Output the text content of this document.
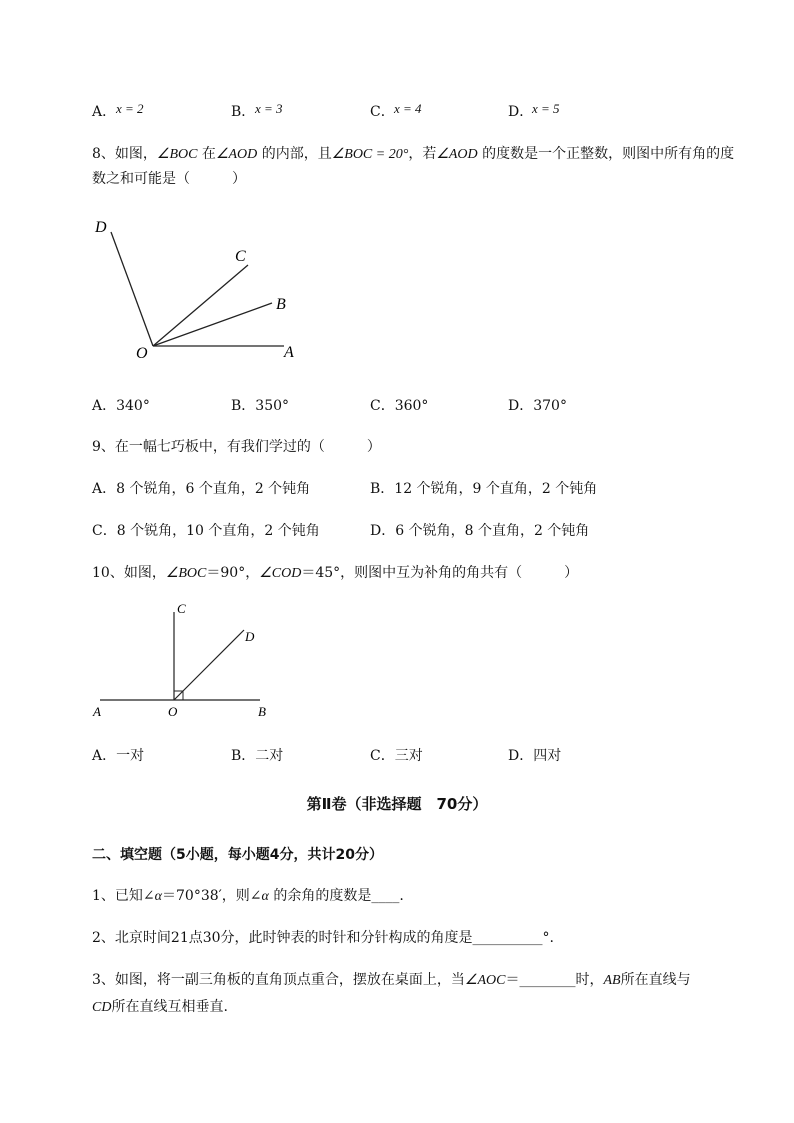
A． x = 2	B． x = 3	C． x = 4	D．
x = 5
8、如图，∠BOC 在∠AOD 的内部，且∠BOC = 20°，若∠AOD 的度数是一个正整数，则图中所有角的度
数之和可能是（　　　）
D
C
B
O	A
A．340°	B．350°	C．360°	D．370°
9、在一幅七巧板中，有我们学过的（　　　）
A．8 个锐角，6 个直角，2 个钝角	B．12 个锐角，9 个直角，2 个钝角
C．8 个锐角，10 个直角，2 个钝角	D．6 个锐角，8 个直角，2 个钝角
10、如图，∠BOC＝90°，∠COD＝45°，则图中互为补角的角共有（　　　）
C
D
A	O	B
A．一对	B．二对	C．三对	D．四对
第Ⅱ卷（非选择题　70分）
二、填空题（5小题，每小题4分，共计20分）
1、已知∠α＝70°38′，则∠α 的余角的度数是____.
2、北京时间21点30分，此时钟表的时针和分针构成的角度是__________°.
3、如图，将一副三角板的直角顶点重合，摆放在桌面上，当∠AOC＝________时，AB所在直线与
CD所在直线互相垂直.
